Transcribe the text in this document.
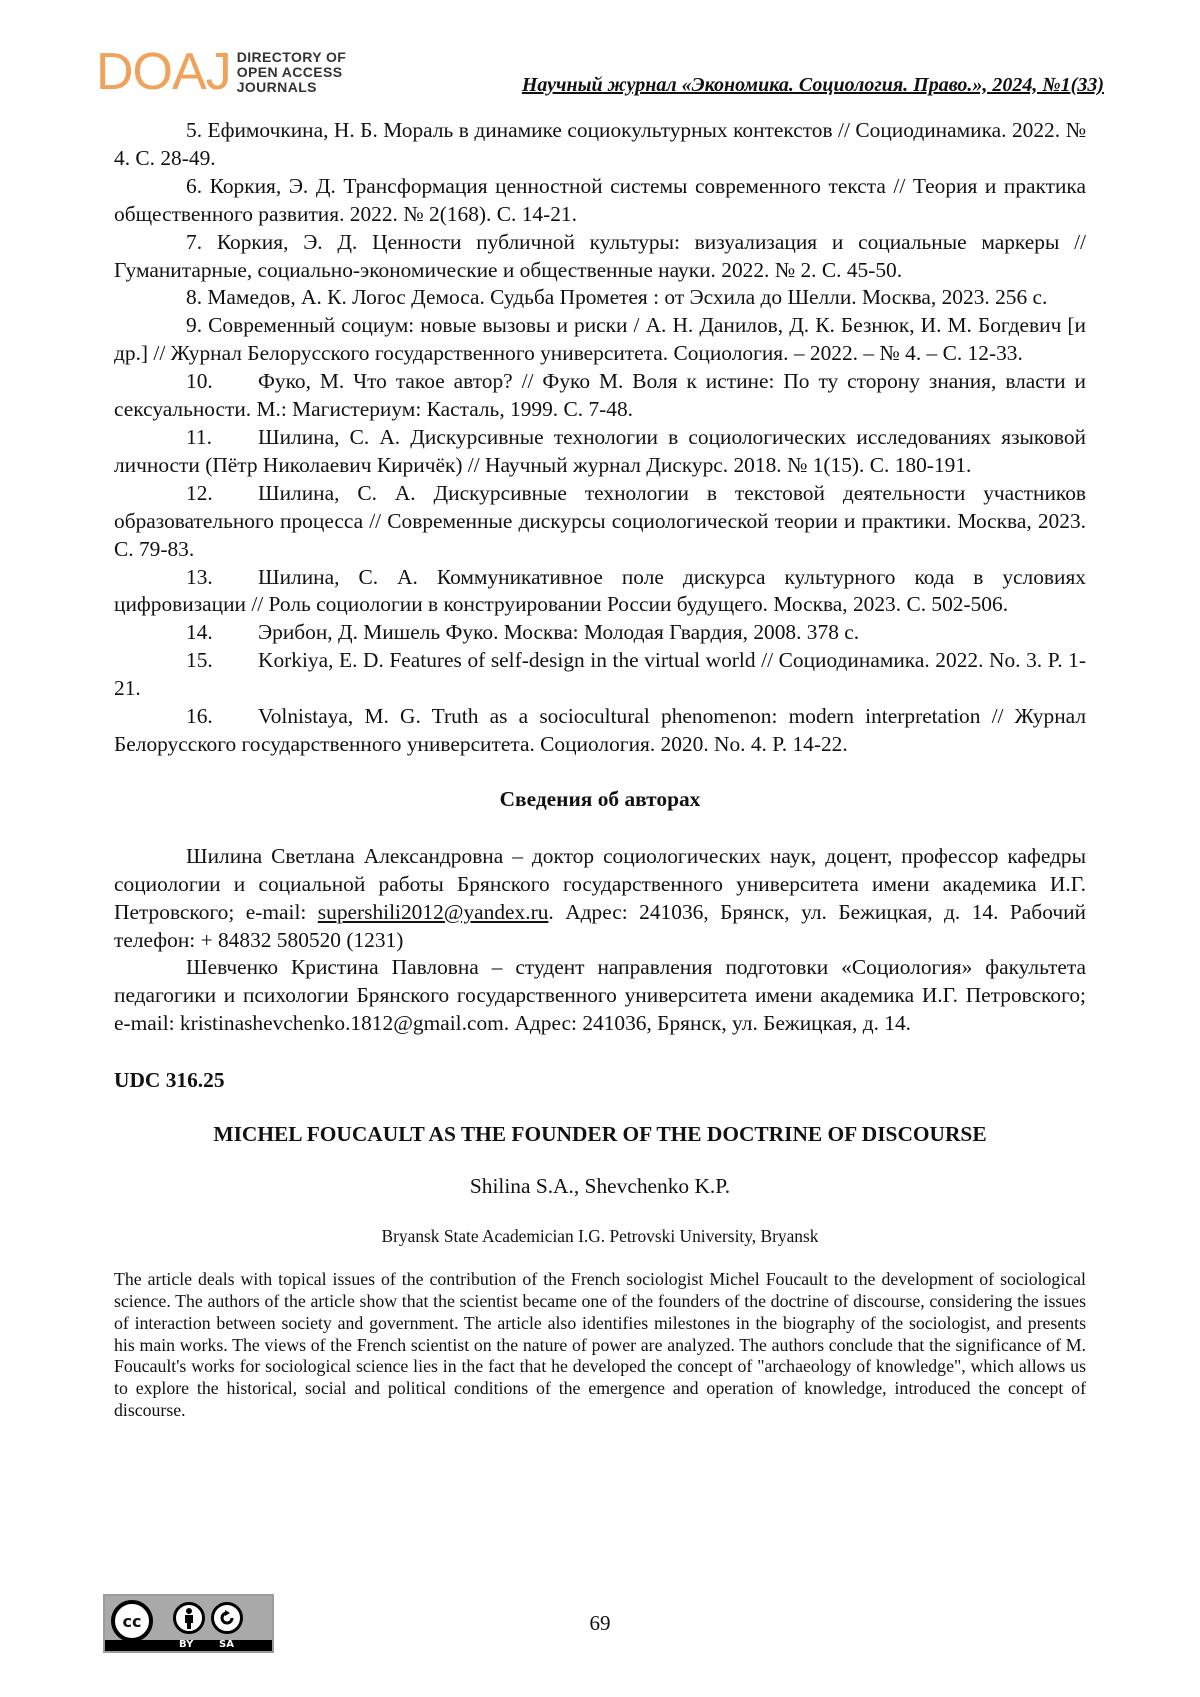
DOAJ DIRECTORY OF
OPEN ACCESS
JOURNALS	Научный журнал «Экономика. Социология. Право.», 2024, №1(33)

5. Ефимочкина, Н. Б. Мораль в динамике социокультурных контекстов // Социодинамика. 2022. № 4. С. 28-49.

6. Коркия, Э. Д. Трансформация ценностной системы современного текста // Теория и практика общественного развития. 2022. № 2(168). С. 14-21.

7. Коркия, Э. Д. Ценности публичной культуры: визуализация и социальные маркеры // Гуманитарные, социально-экономические и общественные науки. 2022. № 2. С. 45-50.

8. Мамедов, А. К. Логос Демоса. Судьба Прометея : от Эсхила до Шелли. Москва, 2023. 256 с.

9. Современный социум: новые вызовы и риски / А. Н. Данилов, Д. К. Безнюк, И. М. Богдевич [и др.] // Журнал Белорусского государственного университета. Социология. – 2022. – № 4. – С. 12-33.

10. Фуко, М. Что такое автор? // Фуко М. Воля к истине: По ту сторону знания, власти и сексуальности. М.: Магистериум: Касталь, 1999. С. 7-48.

11. Шилина, С. А. Дискурсивные технологии в социологических исследованиях языковой личности (Пётр Николаевич Киричёк) // Научный журнал Дискурс. 2018. № 1(15). С. 180-191.

12. Шилина, С. А. Дискурсивные технологии в текстовой деятельности участников образовательного процесса // Современные дискурсы социологической теории и практики. Москва, 2023. С. 79-83.

13. Шилина, С. А. Коммуникативное поле дискурса культурного кода в условиях цифровизации // Роль социологии в конструировании России будущего. Москва, 2023. С. 502-506.

14. Эрибон, Д. Мишель Фуко. Москва: Молодая Гвардия, 2008. 378 с.

15. Korkiya, E. D. Features of self-design in the virtual world // Социодинамика. 2022. No. 3. P. 1-21.

16. Volnistaya, M. G. Truth as a sociocultural phenomenon: modern interpretation // Журнал Белорусского государственного университета. Социология. 2020. No. 4. P. 14-22.

Сведения об авторах

Шилина Светлана Александровна – доктор социологических наук, доцент, профессор кафедры социологии и социальной работы Брянского государственного университета имени академика И.Г. Петровского; e-mail: supershili2012@yandex.ru. Адрес: 241036, Брянск, ул. Бежицкая, д. 14. Рабочий телефон: + 84832 580520 (1231)

Шевченко Кристина Павловна – студент направления подготовки «Социология» факультета педагогики и психологии Брянского государственного университета имени академика И.Г. Петровского; e-mail: kristinashevchenko.1812@gmail.com. Адрес: 241036, Брянск, ул. Бежицкая, д. 14.

UDC 316.25
MICHEL FOUCAULT AS THE FOUNDER OF THE DOCTRINE OF DISCOURSE
Shilina S.A., Shevchenko K.P.
Bryansk State Academician I.G. Petrovski University, Bryansk

The article deals with topical issues of the contribution of the French sociologist Michel Foucault to the development of sociological science. The authors of the article show that the scientist became one of the founders of the doctrine of discourse, considering the issues of interaction between society and government. The article also identifies milestones in the biography of the sociologist, and presents his main works. The views of the French scientist on the nature of power are analyzed. The authors conclude that the significance of M. Foucault's works for sociological science lies in the fact that he developed the concept of "archaeology of knowledge", which allows us to explore the historical, social and political conditions of the emergence and operation of knowledge, introduced the concept of discourse.

cc
BY	SA
69
